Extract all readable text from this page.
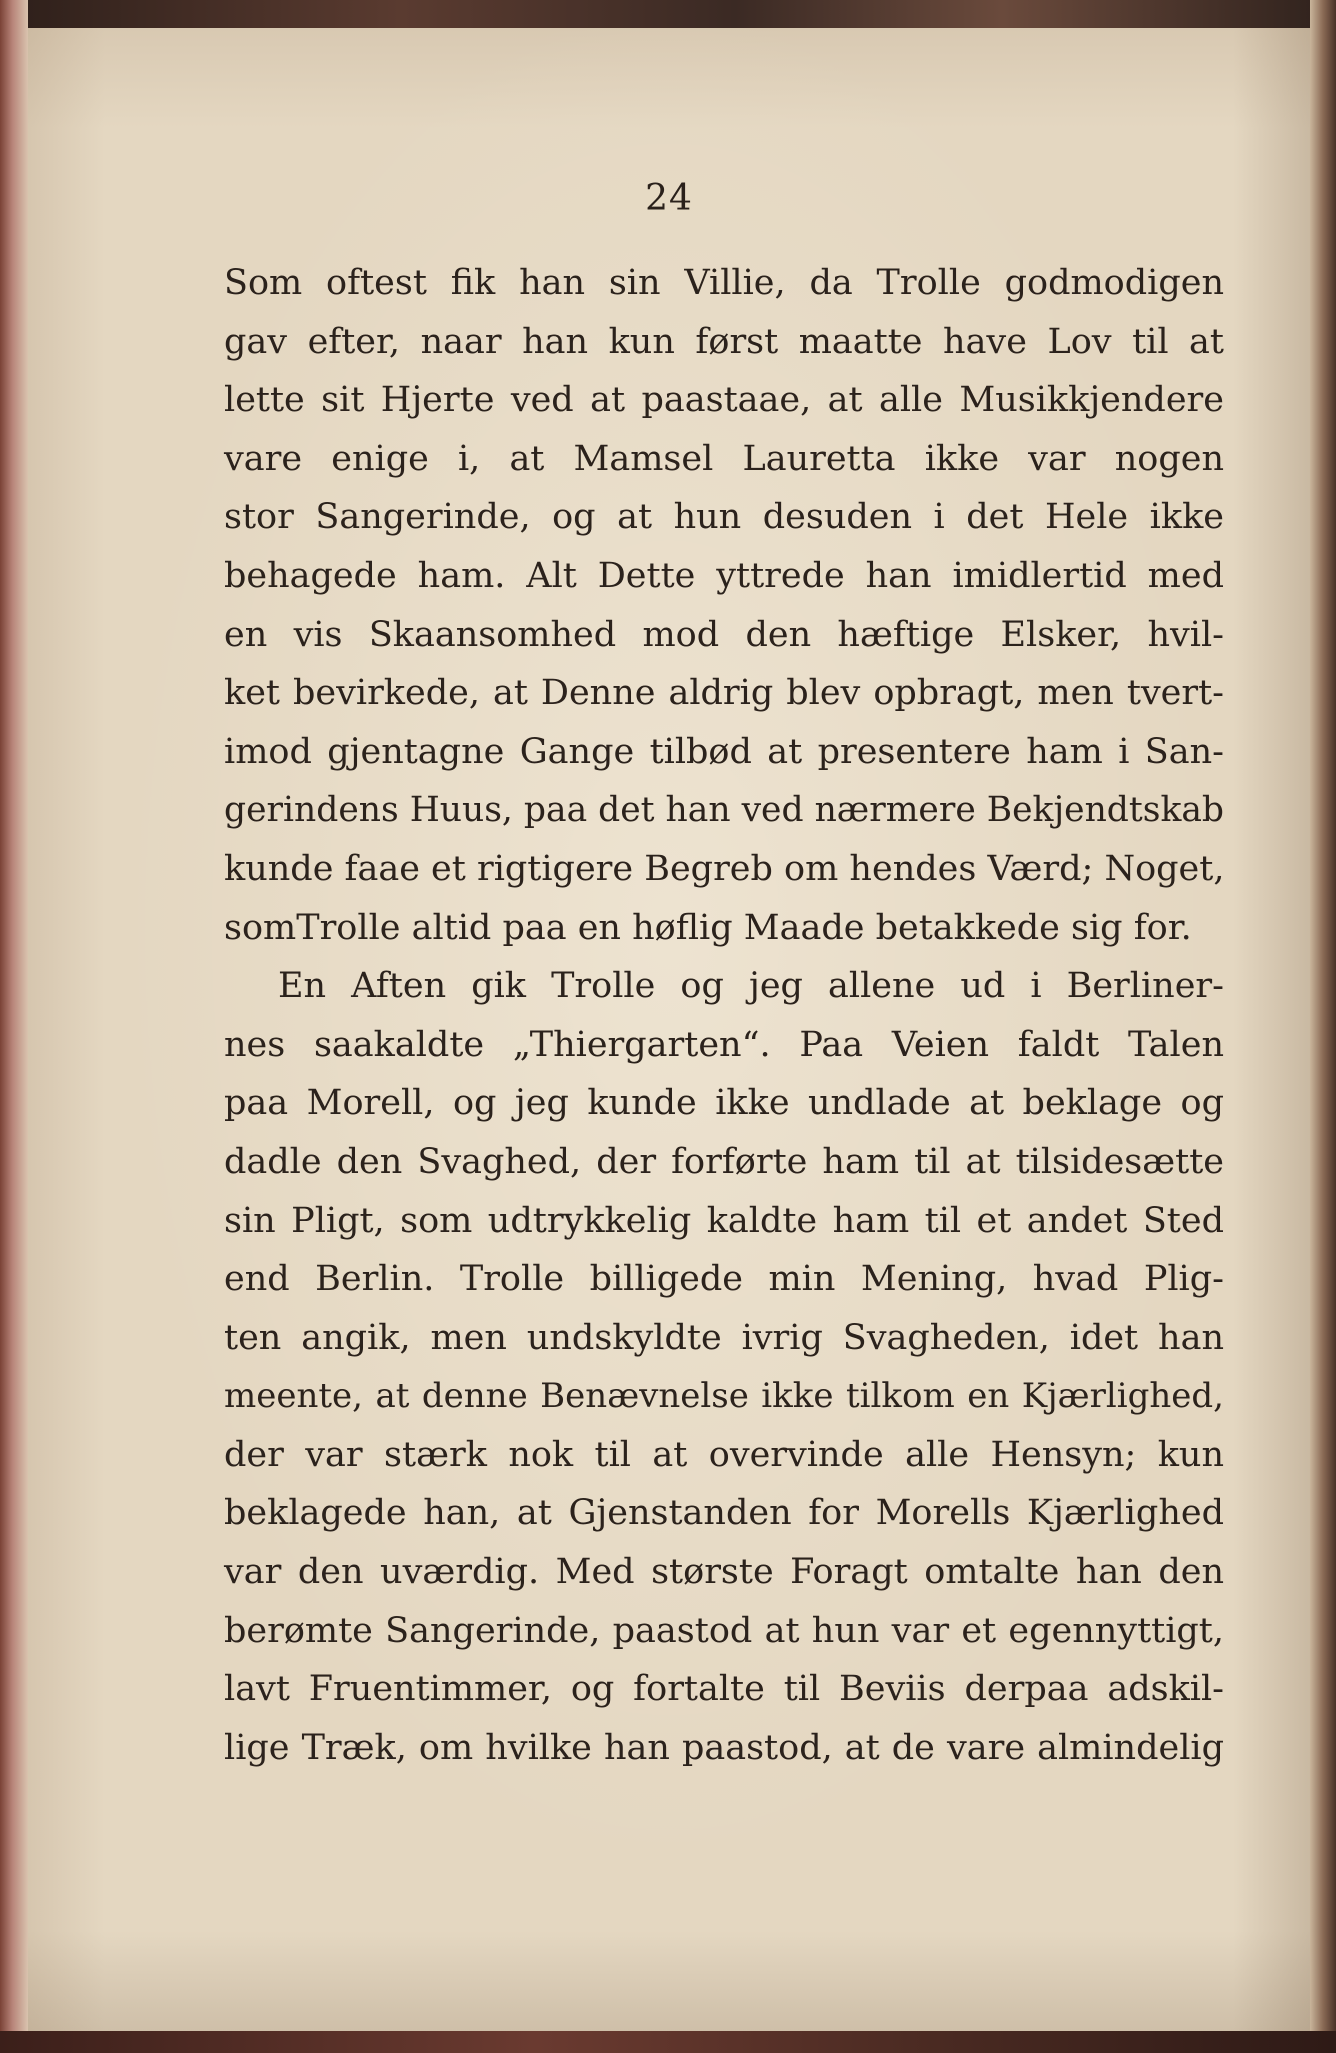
24
Som oftest fik han sin Villie, da Trolle godmodigen
gav efter, naar han kun først maatte have Lov til at
lette sit Hjerte ved at paastaae, at alle Musikkjendere
vare enige i, at Mamsel Lauretta ikke var nogen
stor Sangerinde, og at hun desuden i det Hele ikke
behagede ham. Alt Dette yttrede han imidlertid med
en vis Skaansomhed mod den hæftige Elsker, hvil-
ket bevirkede, at Denne aldrig blev opbragt, men tvert-
imod gjentagne Gange tilbød at presentere ham i San-
gerindens Huus, paa det han ved nærmere Bekjendtskab
kunde faae et rigtigere Begreb om hendes Værd; Noget,
somTrolle altid paa en høflig Maade betakkede sig for.
En Aften gik Trolle og jeg allene ud i Berliner-
nes saakaldte „Thiergarten“. Paa Veien faldt Talen
paa Morell, og jeg kunde ikke undlade at beklage og
dadle den Svaghed, der forførte ham til at tilsidesætte
sin Pligt, som udtrykkelig kaldte ham til et andet Sted
end Berlin. Trolle billigede min Mening, hvad Plig-
ten angik, men undskyldte ivrig Svagheden, idet han
meente, at denne Benævnelse ikke tilkom en Kjærlighed,
der var stærk nok til at overvinde alle Hensyn; kun
beklagede han, at Gjenstanden for Morells Kjærlighed
var den uværdig. Med største Foragt omtalte han den
berømte Sangerinde, paastod at hun var et egennyttigt,
lavt Fruentimmer, og fortalte til Beviis derpaa adskil-
lige Træk, om hvilke han paastod, at de vare almindelig
